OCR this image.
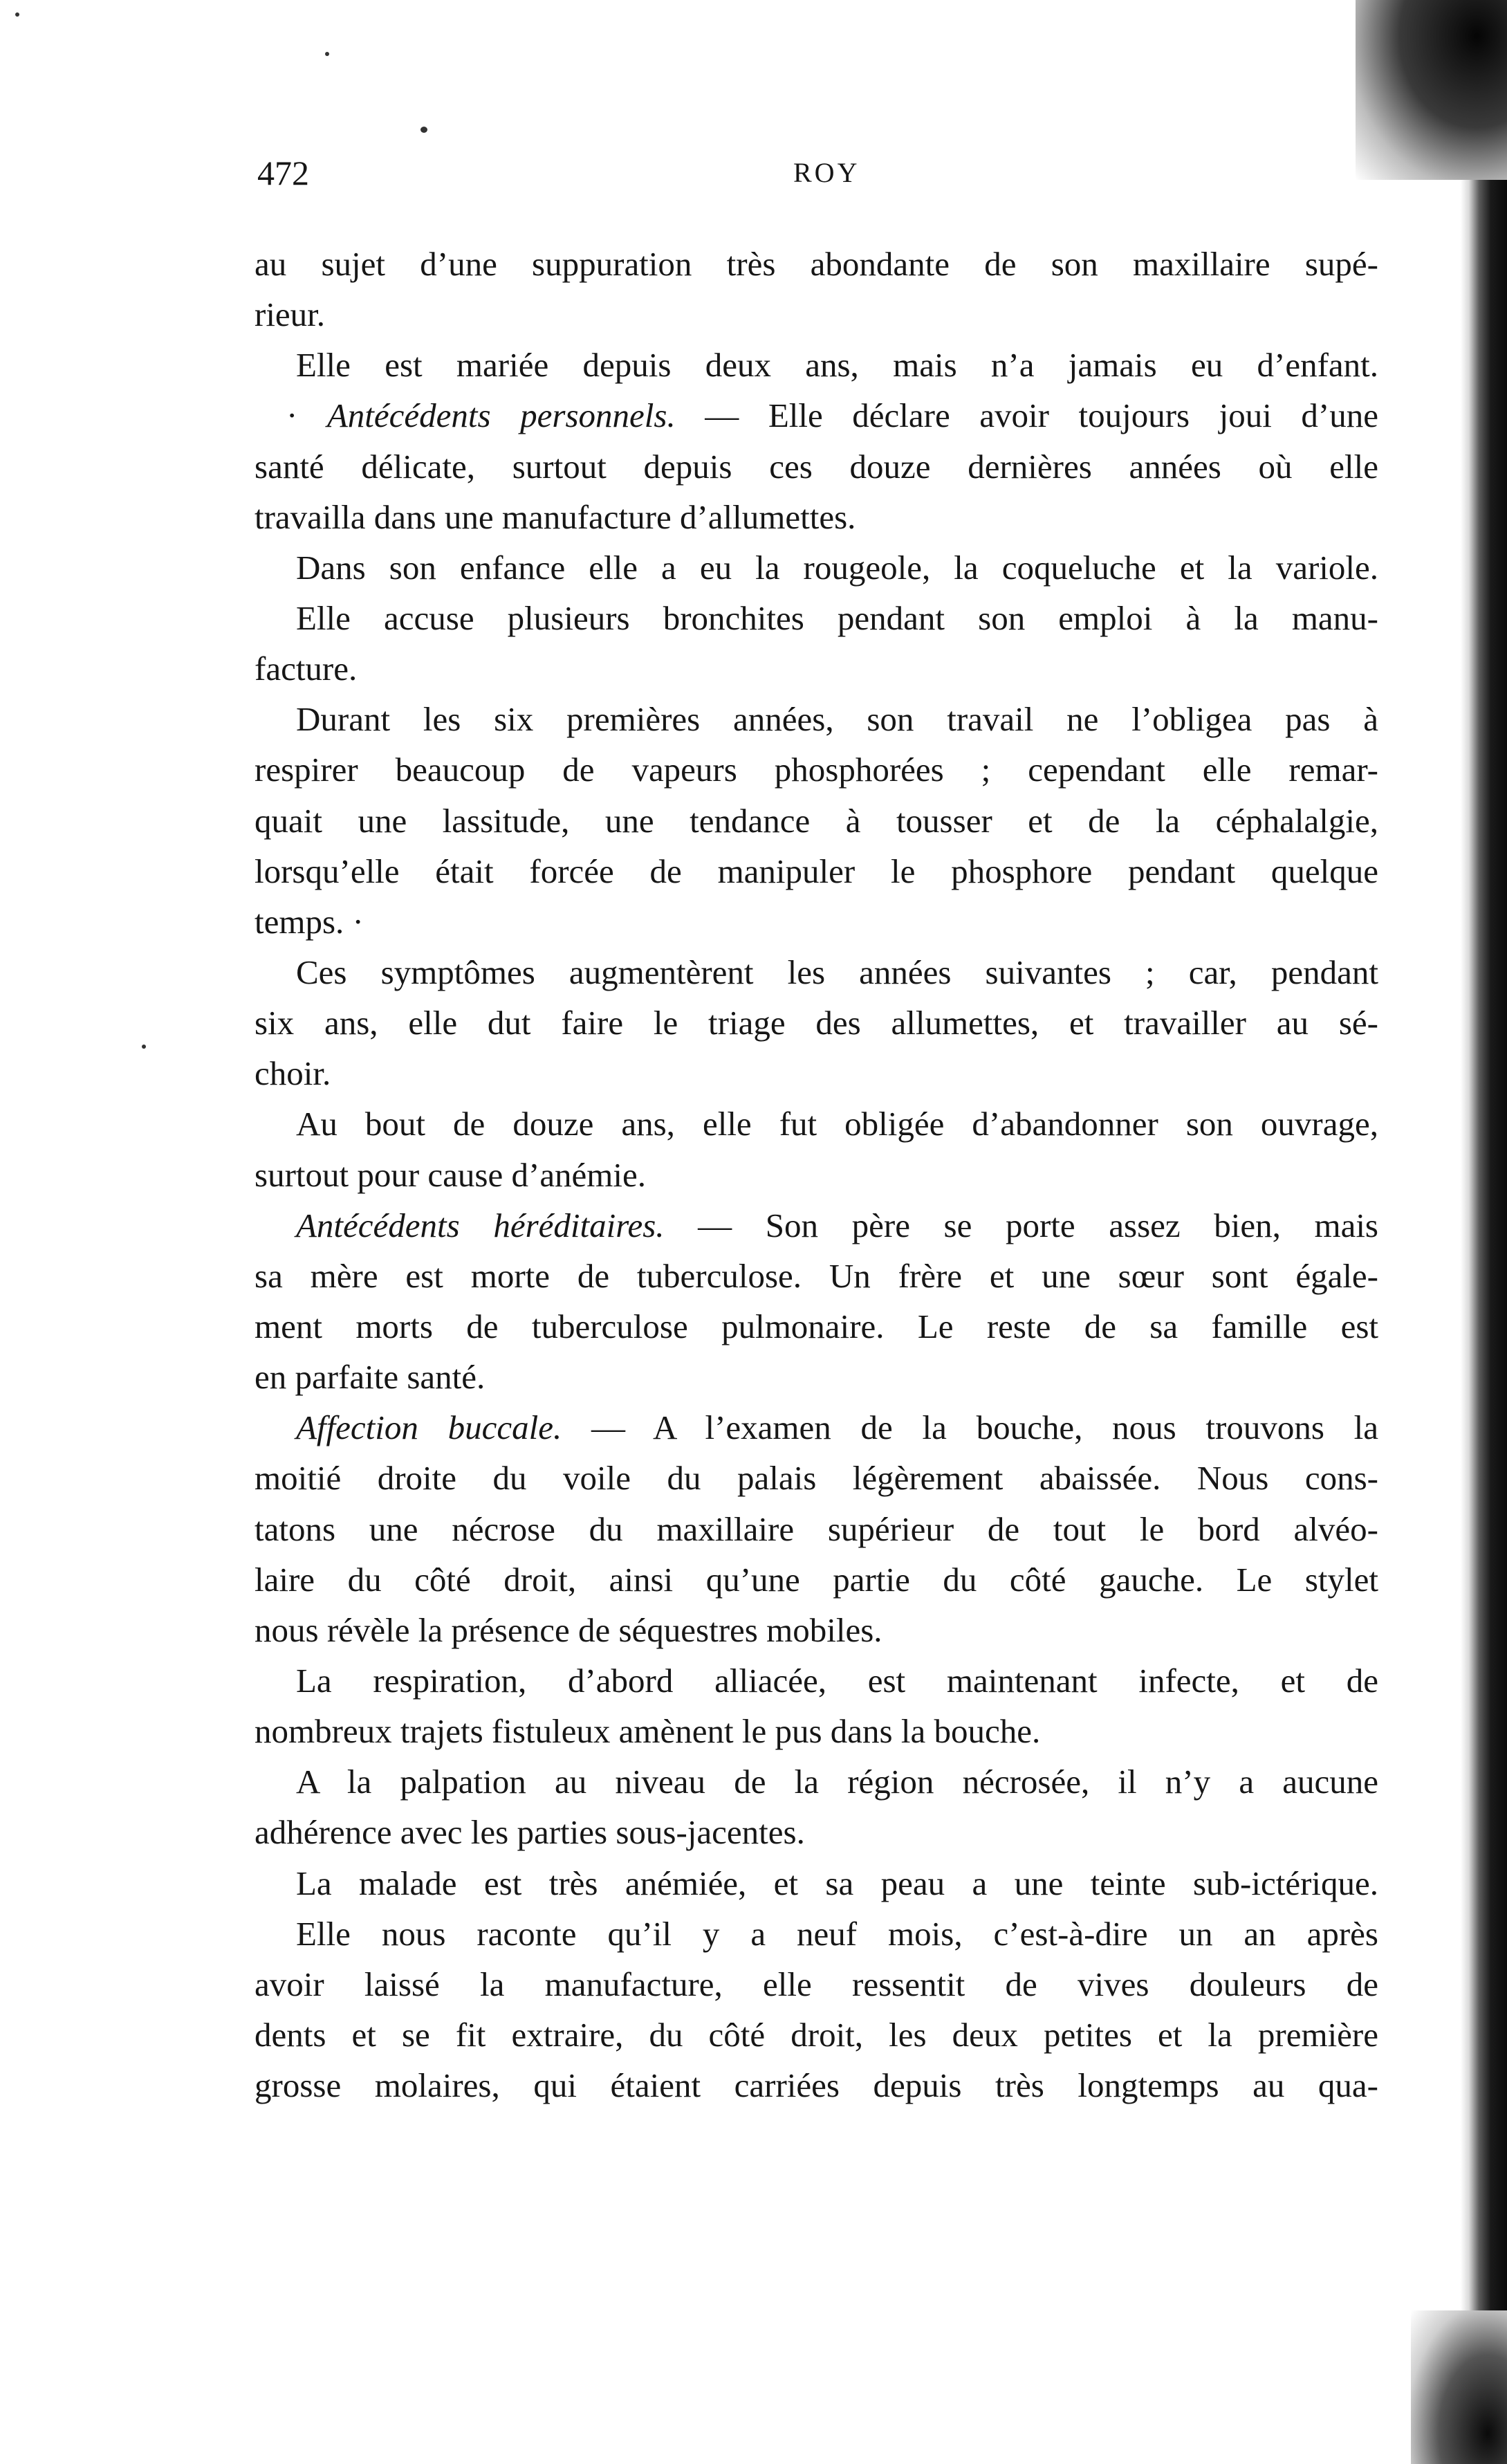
472	ROY
au sujet d’une suppuration très abondante de son maxillaire supé-
rieur.
Elle est mariée depuis deux ans, mais n’a jamais eu d’enfant.
· Antécédents personnels. — Elle déclare avoir toujours joui d’une
santé délicate, surtout depuis ces douze dernières années où elle
travailla dans une manufacture d’allumettes.
Dans son enfance elle a eu la rougeole, la coqueluche et la variole.
Elle accuse plusieurs bronchites pendant son emploi à la manu-
facture.
Durant les six premières années, son travail ne l’obligea pas à
respirer beaucoup de vapeurs phosphorées ; cependant elle remar-
quait une lassitude, une tendance à tousser et de la céphalalgie,
lorsqu’elle était forcée de manipuler le phosphore pendant quelque
temps. ·
Ces symptômes augmentèrent les années suivantes ; car, pendant
six ans, elle dut faire le triage des allumettes, et travailler au sé-
choir.
Au bout de douze ans, elle fut obligée d’abandonner son ouvrage,
surtout pour cause d’anémie.
Antécédents héréditaires. — Son père se porte assez bien, mais
sa mère est morte de tuberculose. Un frère et une sœur sont égale-
ment morts de tuberculose pulmonaire. Le reste de sa famille est
en parfaite santé.
Affection buccale. — A l’examen de la bouche, nous trouvons la
moitié droite du voile du palais légèrement abaissée. Nous cons-
tatons une nécrose du maxillaire supérieur de tout le bord alvéo-
laire du côté droit, ainsi qu’une partie du côté gauche. Le stylet
nous révèle la présence de séquestres mobiles.
La respiration, d’abord alliacée, est maintenant infecte, et de
nombreux trajets fistuleux amènent le pus dans la bouche.
A la palpation au niveau de la région nécrosée, il n’y a aucune
adhérence avec les parties sous-jacentes.
La malade est très anémiée, et sa peau a une teinte sub-ictérique.
Elle nous raconte qu’il y a neuf mois, c’est-à-dire un an après
avoir laissé la manufacture, elle ressentit de vives douleurs de
dents et se fit extraire, du côté droit, les deux petites et la première
grosse molaires, qui étaient carriées depuis très longtemps au qua-
